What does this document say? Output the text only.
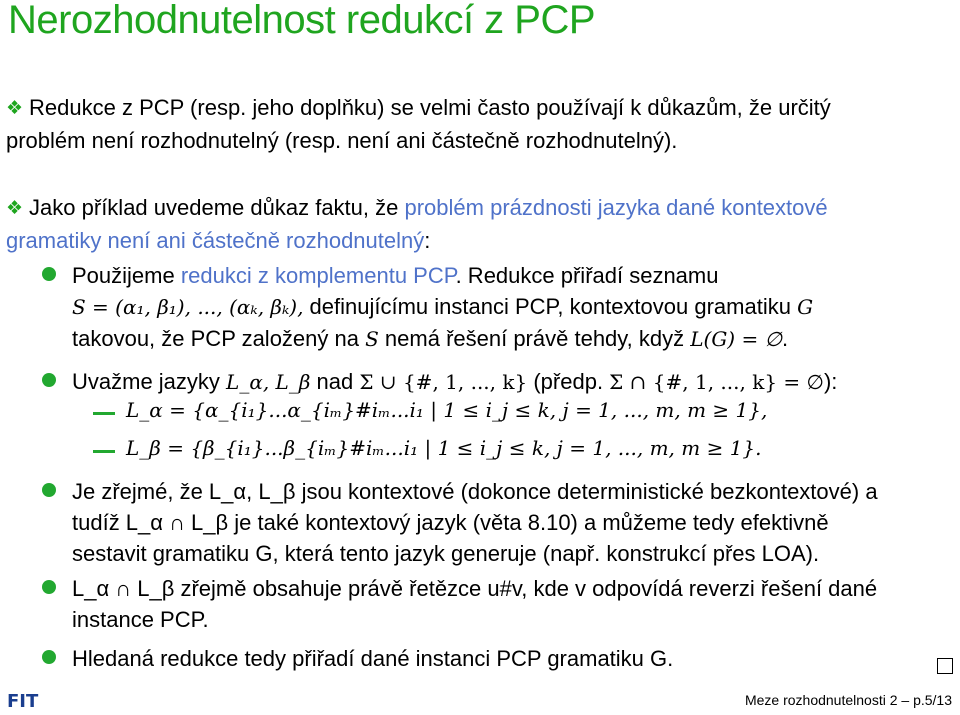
Nerozhodnutelnost redukcí z PCP
❖ Redukce z PCP (resp. jeho doplňku) se velmi často používají k důkazům, že určitý
problém není rozhodnutelný (resp. není ani částečně rozhodnutelný).
❖ Jako příklad uvedeme důkaz faktu, že problém prázdnosti jazyka dané kontextové
gramatiky není ani částečně rozhodnutelný:
Použijeme redukci z komplementu PCP. Redukce přiřadí seznamu
S = (α₁, β₁), ..., (αₖ, βₖ), definujícímu instanci PCP, kontextovou gramatiku G
takovou, že PCP založený na S nemá řešení právě tehdy, když L(G) = ∅.
Uvažme jazyky L_α, L_β nad Σ ∪ {#, 1, ..., k} (předp. Σ ∩ {#, 1, ..., k} = ∅):
L_α = {α_{i₁}...α_{iₘ}#iₘ...i₁ | 1 ≤ i_j ≤ k, j = 1, ..., m, m ≥ 1},
L_β = {β_{i₁}...β_{iₘ}#iₘ...i₁ | 1 ≤ i_j ≤ k, j = 1, ..., m, m ≥ 1}.
Je zřejmé, že L_α, L_β jsou kontextové (dokonce deterministické bezkontextové) a
tudíž L_α ∩ L_β je také kontextový jazyk (věta 8.10) a můžeme tedy efektivně
sestavit gramatiku G, která tento jazyk generuje (např. konstrukcí přes LOA).
L_α ∩ L_β zřejmě obsahuje právě řetězce u#v, kde v odpovídá reverzi řešení dané
instance PCP.
Hledaná redukce tedy přiřadí dané instanci PCP gramatiku G.
FIT	Meze rozhodnutelnosti 2 – p.5/13
